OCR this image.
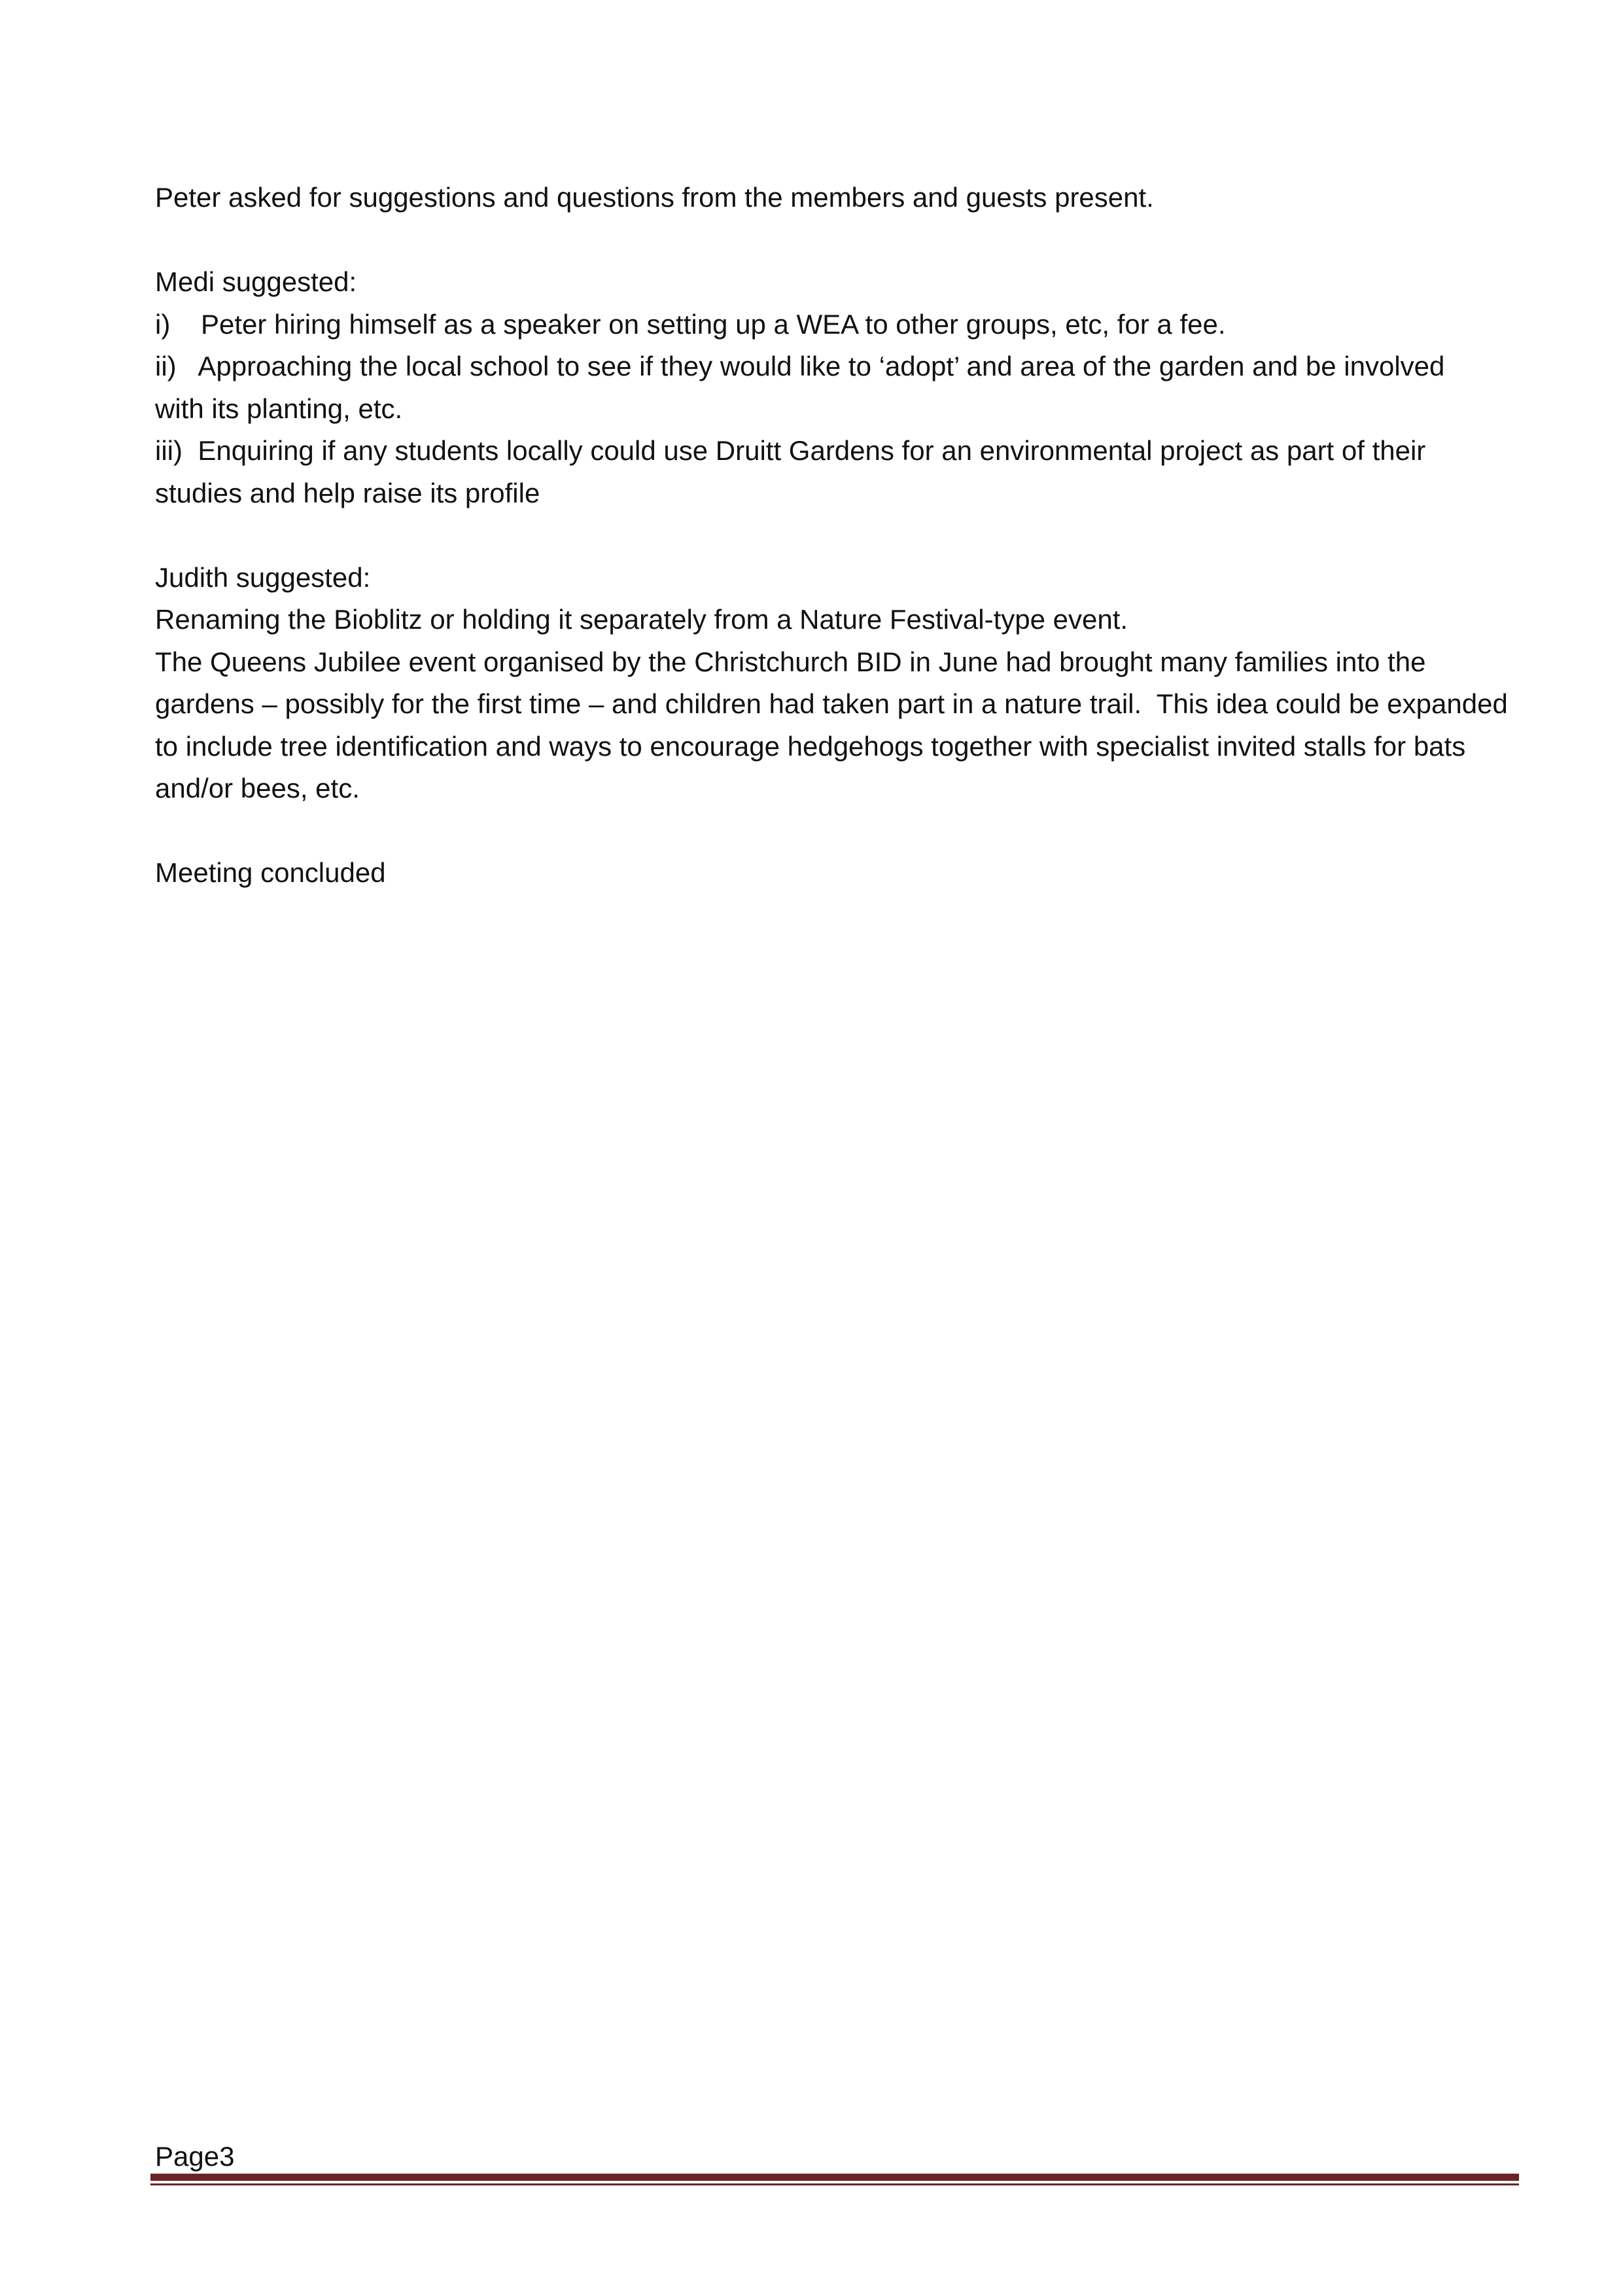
Peter asked for suggestions and questions from the members and guests present.

Medi suggested:

i)    Peter hiring himself as a speaker on setting up a WEA to other groups, etc, for a fee.

ii)   Approaching the local school to see if they would like to ‘adopt’ and area of the garden and be involved

with its planting, etc.

iii)  Enquiring if any students locally could use Druitt Gardens for an environmental project as part of their

studies and help raise its profile

Judith suggested:

Renaming the Bioblitz or holding it separately from a Nature Festival-type event.

The Queens Jubilee event organised by the Christchurch BID in June had brought many families into the

gardens – possibly for the first time – and children had taken part in a nature trail.  This idea could be expanded

to include tree identification and ways to encourage hedgehogs together with specialist invited stalls for bats

and/or bees, etc.

Meeting concluded

Page3
